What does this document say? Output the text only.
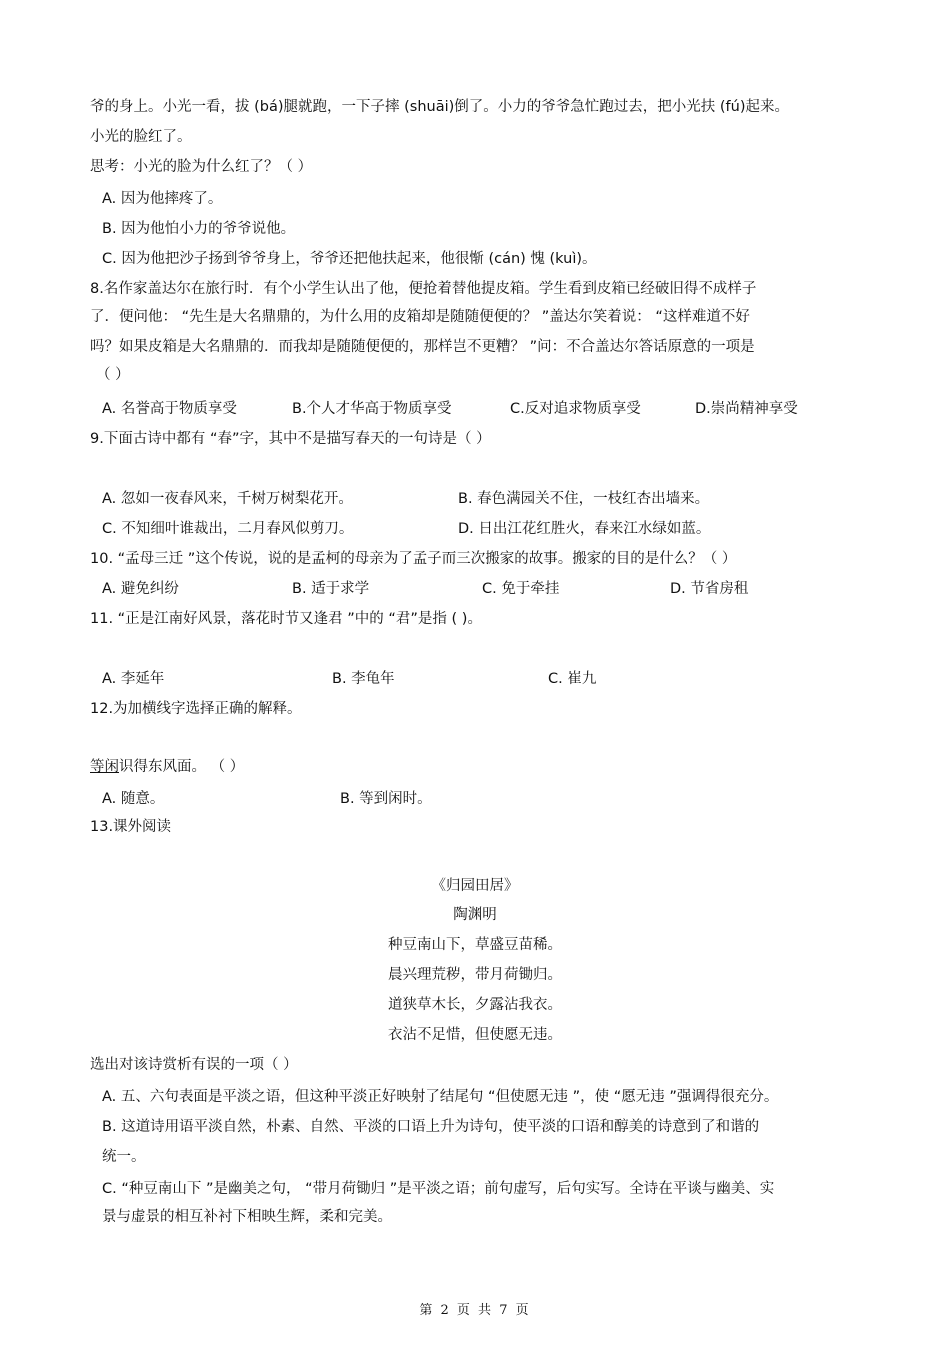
爷的身上。小光一看，拔 (bá)腿就跑，一下子摔 (shuāi)倒了。小力的爷爷急忙跑过去，把小光扶 (fú)起来。
小光的脸红了。
思考：小光的脸为什么红了？（ ）
A. 因为他摔疼了。
B. 因为他怕小力的爷爷说他。
C. 因为他把沙子扬到爷爷身上，爷爷还把他扶起来，他很惭 (cán) 愧 (kuì)。
8.名作家盖达尔在旅行时．有个小学生认出了他，便抢着替他提皮箱。学生看到皮箱已经破旧得不成样子
了．便问他： “先生是大名鼎鼎的，为什么用的皮箱却是随随便便的？ ”盖达尔笑着说： “这样难道不好
吗？如果皮箱是大名鼎鼎的．而我却是随随便便的，那样岂不更糟？ ”问：不合盖达尔答话原意的一项是
（ ）
A. 名誉高于物质享受	B.个人才华高于物质享受	C.反对追求物质享受	D.崇尚精神享受
9.下面古诗中都有 “春”字，其中不是描写春天的一句诗是（ ）
A. 忽如一夜春风来，千树万树梨花开。	B. 春色满园关不住，一枝红杏出墙来。
C. 不知细叶谁裁出，二月春风似剪刀。	D. 日出江花红胜火，春来江水绿如蓝。
10. “孟母三迁 ”这个传说，说的是孟柯的母亲为了孟子而三次搬家的故事。搬家的目的是什么？（ ）
A. 避免纠纷	B. 适于求学	C. 免于牵挂	D. 节省房租
11. “正是江南好风景，落花时节又逢君 ”中的 “君”是指 ( )。
A. 李延年	B. 李龟年	C. 崔九
12.为加横线字选择正确的解释。
等闲识得东风面。 （ ）
A. 随意。	B. 等到闲时。
13.课外阅读
《归园田居》
陶渊明
种豆南山下，草盛豆苗稀。
晨兴理荒秽，带月荷锄归。
道狭草木长，夕露沾我衣。
衣沾不足惜，但使愿无违。
选出对该诗赏析有误的一项（ ）
A. 五、六句表面是平淡之语，但这种平淡正好映射了结尾句 “但使愿无违 ”，使 “愿无违 ”强调得很充分。
B. 这道诗用语平淡自然，朴素、自然、平淡的口语上升为诗句，使平淡的口语和醇美的诗意到了和谐的
统一。
C. “种豆南山下 ”是幽美之句， “带月荷锄归 ”是平淡之语；前句虚写，后句实写。全诗在平谈与幽美、实
景与虚景的相互补衬下相映生辉，柔和完美。
第 2 页 共 7 页
